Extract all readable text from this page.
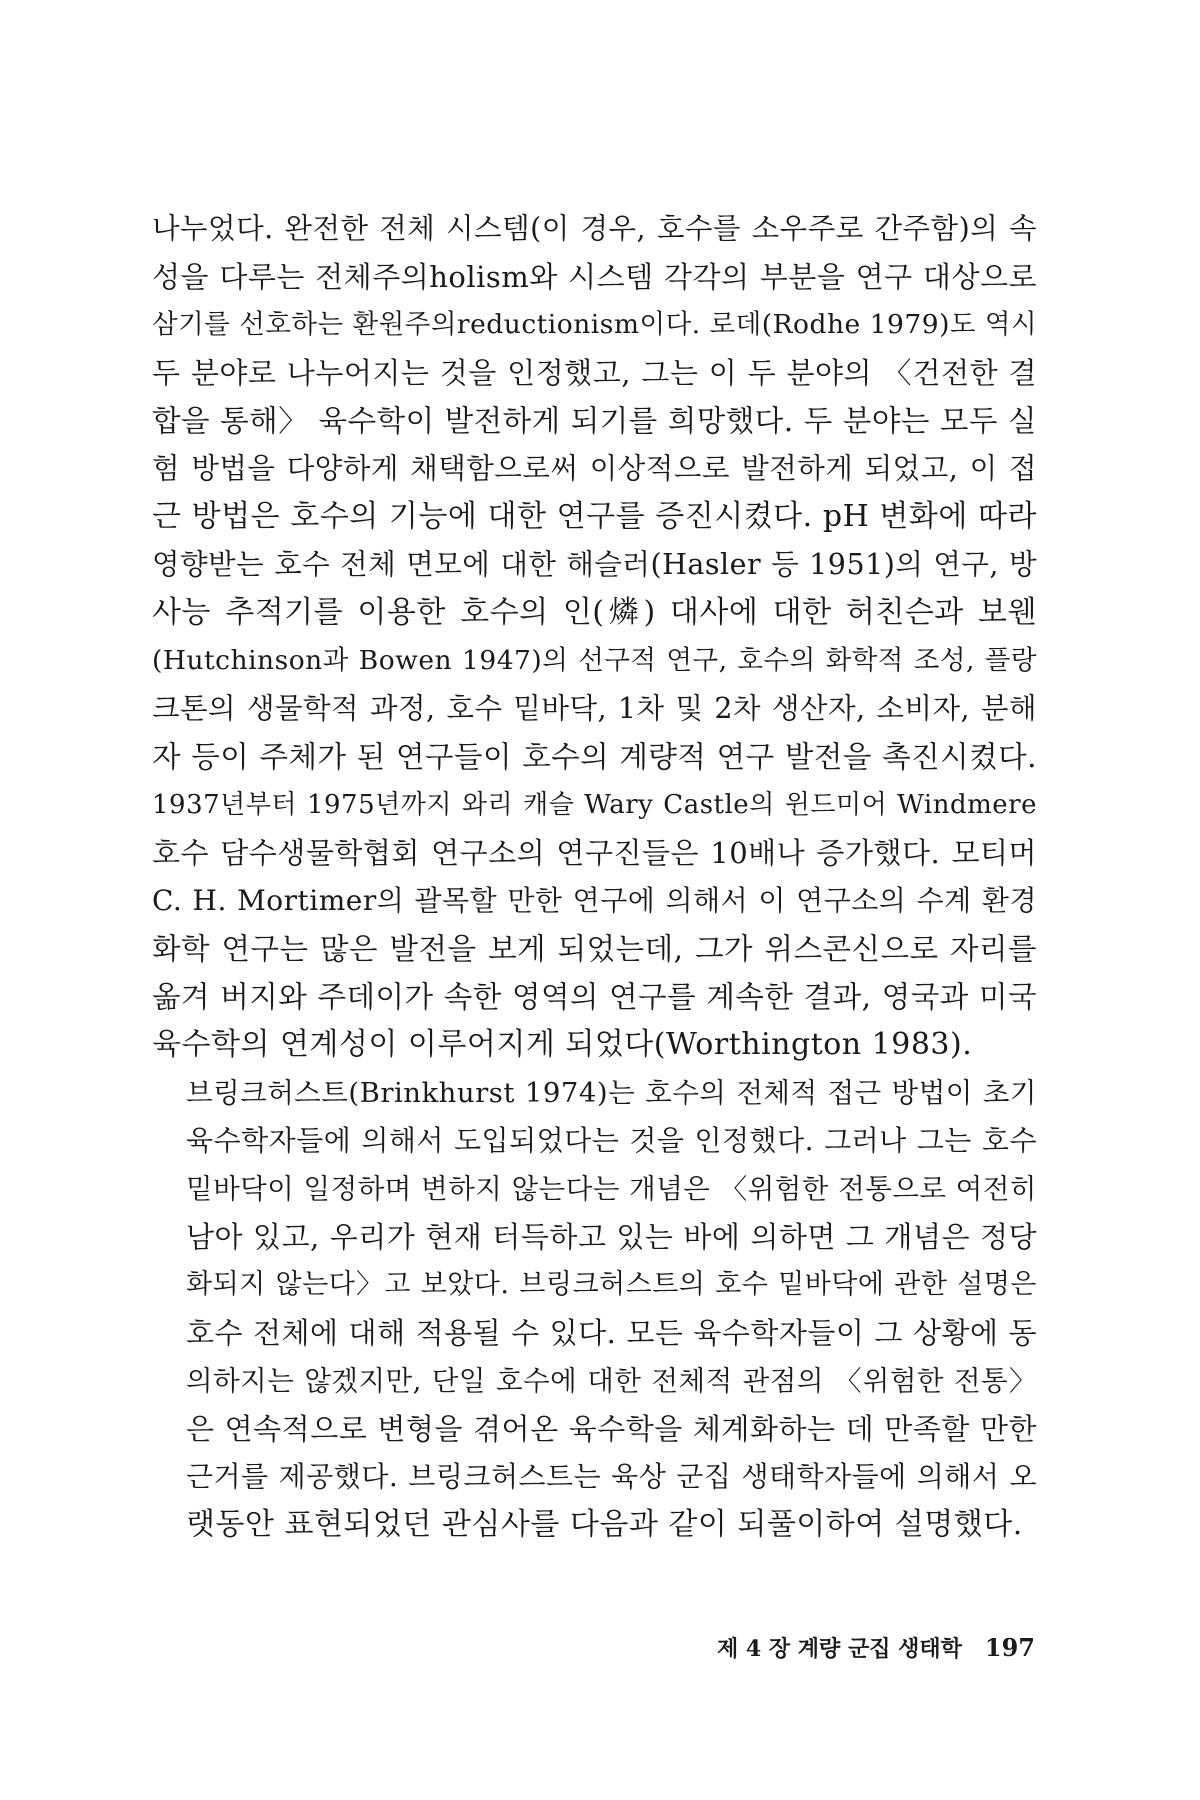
나누었다. 완전한 전체 시스템(이 경우, 호수를 소우주로 간주함)의 속
성을 다루는 전체주의holism와 시스템 각각의 부분을 연구 대상으로
삼기를 선호하는 환원주의reductionism이다. 로데(Rodhe 1979)도 역시
두 분야로 나누어지는 것을 인정했고, 그는 이 두 분야의 〈건전한 결
합을 통해〉 육수학이 발전하게 되기를 희망했다. 두 분야는 모두 실
험 방법을 다양하게 채택함으로써 이상적으로 발전하게 되었고, 이 접
근 방법은 호수의 기능에 대한 연구를 증진시켰다. pH 변화에 따라
영향받는 호수 전체 면모에 대한 해슬러(Hasler 등 1951)의 연구, 방
사능 추적기를 이용한 호수의 인(燐) 대사에 대한 허친슨과 보웬
(Hutchinson과 Bowen 1947)의 선구적 연구, 호수의 화학적 조성, 플랑
크톤의 생물학적 과정, 호수 밑바닥, 1차 및 2차 생산자, 소비자, 분해
자 등이 주체가 된 연구들이 호수의 계량적 연구 발전을 촉진시켰다.
1937년부터 1975년까지 와리 캐슬 Wary Castle의 윈드미어 Windmere
호수 담수생물학협회 연구소의 연구진들은 10배나 증가했다. 모티머
C. H. Mortimer의 괄목할 만한 연구에 의해서 이 연구소의 수계 환경
화학 연구는 많은 발전을 보게 되었는데, 그가 위스콘신으로 자리를
옮겨 버지와 주데이가 속한 영역의 연구를 계속한 결과, 영국과 미국
육수학의 연계성이 이루어지게 되었다(Worthington 1983).

브링크허스트(Brinkhurst 1974)는 호수의 전체적 접근 방법이 초기
육수학자들에 의해서 도입되었다는 것을 인정했다. 그러나 그는 호수
밑바닥이 일정하며 변하지 않는다는 개념은 〈위험한 전통으로 여전히
남아 있고, 우리가 현재 터득하고 있는 바에 의하면 그 개념은 정당
화되지 않는다〉고 보았다. 브링크허스트의 호수 밑바닥에 관한 설명은
호수 전체에 대해 적용될 수 있다. 모든 육수학자들이 그 상황에 동
의하지는 않겠지만, 단일 호수에 대한 전체적 관점의 〈위험한 전통〉
은 연속적으로 변형을 겪어온 육수학을 체계화하는 데 만족할 만한
근거를 제공했다. 브링크허스트는 육상 군집 생태학자들에 의해서 오
랫동안 표현되었던 관심사를 다음과 같이 되풀이하여 설명했다.

제 4 장 계량 군집 생태학 197
